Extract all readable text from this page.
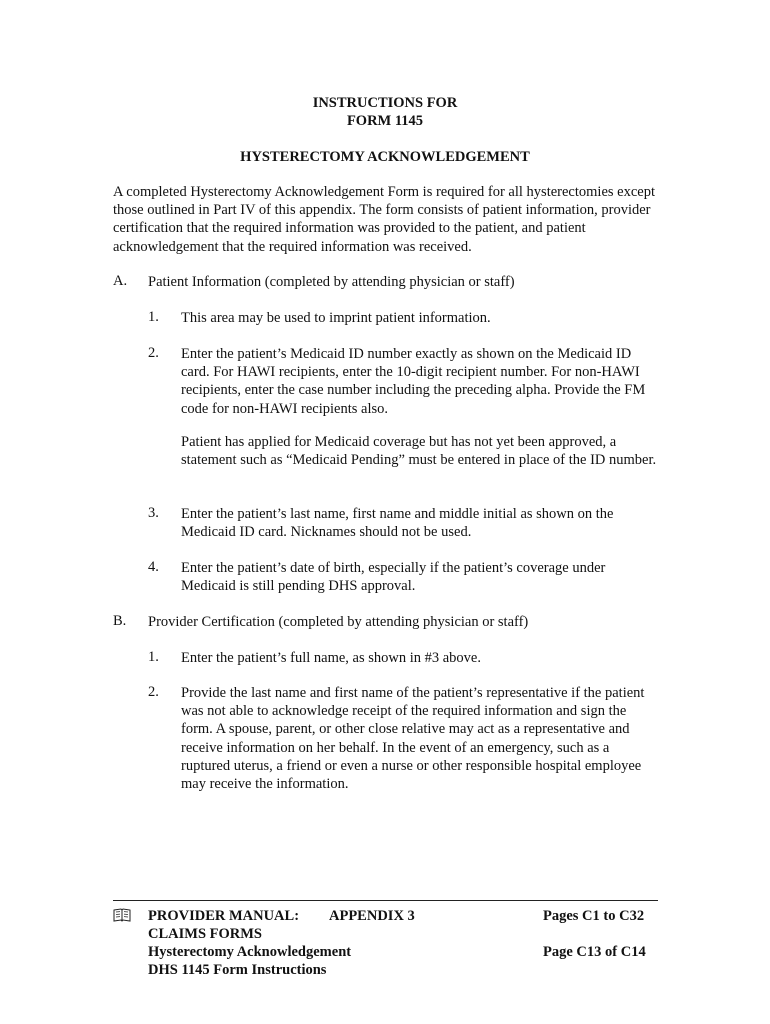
INSTRUCTIONS FOR
FORM 1145
HYSTERECTOMY ACKNOWLEDGEMENT
A completed Hysterectomy Acknowledgement Form is required for all hysterectomies except those outlined in Part IV of this appendix. The form consists of patient information, provider certification that the required information was provided to the patient, and patient acknowledgement that the required information was received.
A. Patient Information (completed by attending physician or staff)
1. This area may be used to imprint patient information.
2. Enter the patient’s Medicaid ID number exactly as shown on the Medicaid ID card. For HAWI recipients, enter the 10-digit recipient number. For non-HAWI recipients, enter the case number including the preceding alpha. Provide the FM code for non-HAWI recipients also.
Patient has applied for Medicaid coverage but has not yet been approved, a statement such as “Medicaid Pending” must be entered in place of the ID number.
3. Enter the patient’s last name, first name and middle initial as shown on the Medicaid ID card. Nicknames should not be used.
4. Enter the patient’s date of birth, especially if the patient’s coverage under Medicaid is still pending DHS approval.
B. Provider Certification (completed by attending physician or staff)
1. Enter the patient’s full name, as shown in #3 above.
2. Provide the last name and first name of the patient’s representative if the patient was not able to acknowledge receipt of the required information and sign the form. A spouse, parent, or other close relative may act as a representative and receive information on her behalf. In the event of an emergency, such as a ruptured uterus, a friend or even a nurse or other responsible hospital employee may receive the information.
PROVIDER MANUAL: APPENDIX 3	Pages C1 to C32
CLAIMS FORMS
Hysterectomy Acknowledgement	Page C13 of C14
DHS 1145 Form Instructions
